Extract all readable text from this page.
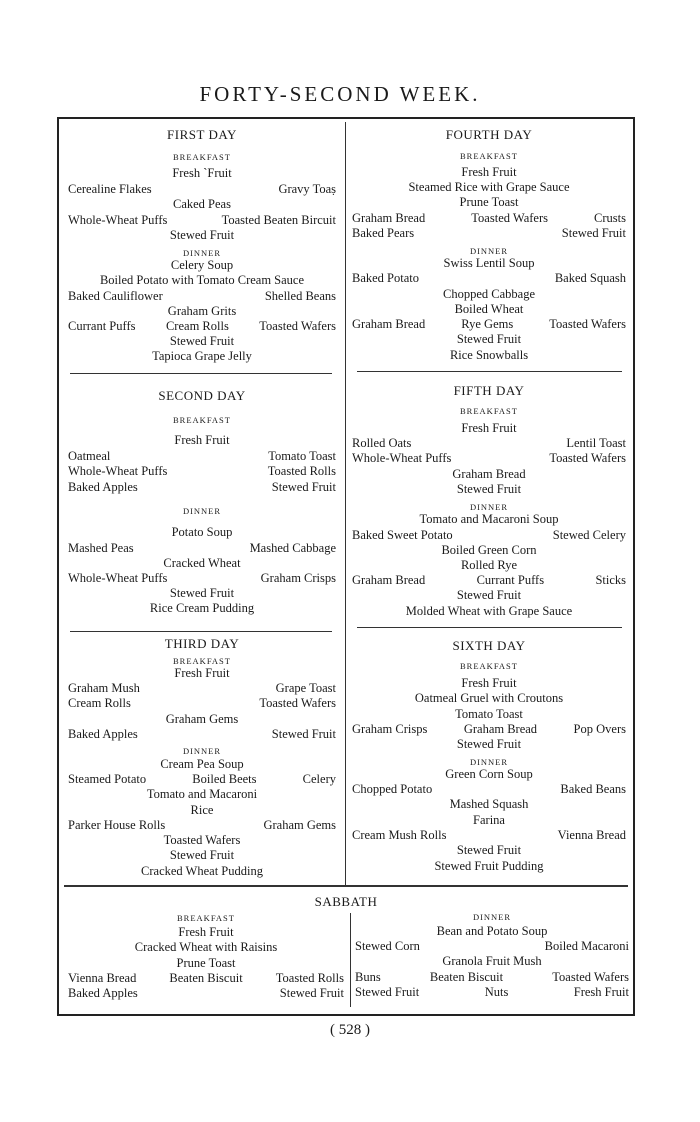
FORTY-SECOND WEEK.
FIRST DAY
BREAKFAST
Fresh ˋFruit
Cerealine Flakes	Gravy Toaṣ
Caked Peas
Whole-Wheat Puffs	Toasted Beaten Bircuit
Stewed Fruit
DINNER
Celery Soup
Boiled Potato with Tomato Cream Sauce
Baked Cauliflower	Shelled Beans
Graham Grits
Currant Puffs Cream Rolls Toasted Wafers
Stewed Fruit
Tapioca Grape Jelly
SECOND DAY
BREAKFAST
Fresh Fruit
Oatmeal	Tomato Toast
Whole-Wheat Puffs	Toasted Rolls
Baked Apples	Stewed Fruit
DINNER
Potato Soup
Mashed Peas	Mashed Cabbage
Cracked Wheat
Whole-Wheat Puffs	Graham Crisps
Stewed Fruit
Rice Cream Pudding
THIRD DAY
BREAKFAST
Fresh Fruit
Graham Mush	Grape Toast
Cream Rolls	Toasted Wafers
Graham Gems
Baked Apples	Stewed Fruit
DINNER
Cream Pea Soup
Steamed Potato	Boiled Beets	Celery
Tomato and Macaroni
Rice
Parker House Rolls	Graham Gems
Toasted Wafers
Stewed Fruit
Cracked Wheat Pudding
FOURTH DAY
BREAKFAST
Fresh Fruit
Steamed Rice with Grape Sauce
Prune Toast
Graham Bread	Toasted Wafers	Crusts
Baked Pears	Stewed Fruit
DINNER
Swiss Lentil Soup
Baked Potato	Baked Squash
Chopped Cabbage
Boiled Wheat
Graham Bread	Rye Gems	Toasted Wafers
Stewed Fruit
Rice Snowballs
FIFTH DAY
BREAKFAST
Fresh Fruit
Rolled Oats	Lentil Toast
Whole-Wheat Puffs	Toasted Wafers
Graham Bread
Stewed Fruit
DINNER
Tomato and Macaroni Soup
Baked Sweet Potato	Stewed Celery
Boiled Green Corn
Rolled Rye
Graham Bread	Currant Puffs	Sticks
Stewed Fruit
Molded Wheat with Grape Sauce
SIXTH DAY
BREAKFAST
Fresh Fruit
Oatmeal Gruel with Croutons
Tomato Toast
Graham Crisps	Graham Bread	Pop Overs
Stewed Fruit
DINNER
Green Corn Soup
Chopped Potato	Baked Beans
Mashed Squash
Farina
Cream Mush Rolls	Vienna Bread
Stewed Fruit
Stewed Fruit Pudding
SABBATH
BREAKFAST
Fresh Fruit
Cracked Wheat with Raisins
Prune Toast
Vienna Bread	Beaten Biscuit	Toasted Rolls
Baked Apples	Stewed Fruit
DINNER
Bean and Potato Soup
Stewed Corn	Boiled Macaroni
Granola Fruit Mush
Buns	Beaten Biscuit	Toasted Wafers
Stewed Fruit	Nuts	Fresh Fruit
( 528 )
